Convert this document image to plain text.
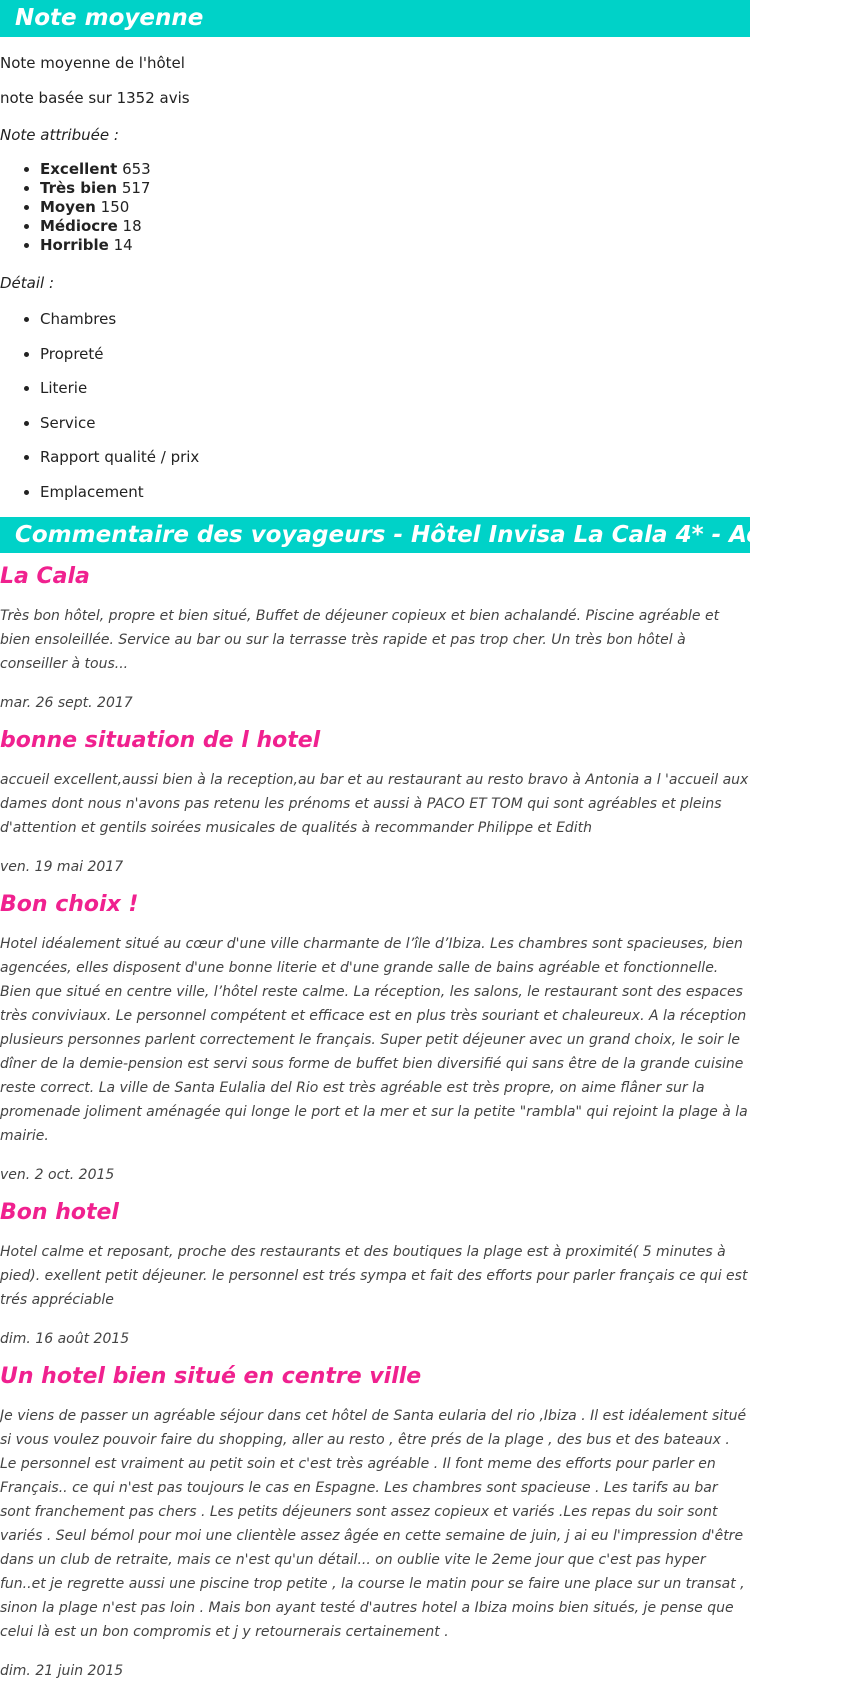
Note moyenne
Note moyenne de l'hôtel
note basée sur 1352 avis
Note attribuée :
• Excellent 653
• Très bien 517
• Moyen 150
• Médiocre 18
• Horrible 14
Détail :
• Chambres
• Propreté
• Literie
• Service
• Rapport qualité / prix
• Emplacement
Commentaire des voyageurs - Hôtel Invisa La Cala 4* - Adult Only
La Cala
Très bon hôtel, propre et bien situé, Buffet de déjeuner copieux et bien achalandé. Piscine agréable et bien ensoleillée. Service au bar ou sur la terrasse très rapide et pas trop cher. Un très bon hôtel à conseiller à tous...
mar. 26 sept. 2017
bonne situation de l hotel
accueil excellent,aussi bien à la reception,au bar et au restaurant au resto bravo à Antonia a l 'accueil aux dames dont nous n'avons pas retenu les prénoms et aussi à PACO ET TOM qui sont agréables et pleins d'attention et gentils soirées musicales de qualités à recommander Philippe et Edith
ven. 19 mai 2017
Bon choix !
Hotel idéalement situé au cœur d'une ville charmante de l’île d’Ibiza. Les chambres sont spacieuses, bien agencées, elles disposent d'une bonne literie et d'une grande salle de bains agréable et fonctionnelle. Bien que situé en centre ville, l’hôtel reste calme. La réception, les salons, le restaurant sont des espaces très conviviaux. Le personnel compétent et efficace est en plus très souriant et chaleureux. A la réception plusieurs personnes parlent correctement le français. Super petit déjeuner avec un grand choix, le soir le dîner de la demie-pension est servi sous forme de buffet bien diversifié qui sans être de la grande cuisine reste correct. La ville de Santa Eulalia del Rio est très agréable est très propre, on aime flâner sur la promenade joliment aménagée qui longe le port et la mer et sur la petite "rambla" qui rejoint la plage à la mairie.
ven. 2 oct. 2015
Bon hotel
Hotel calme et reposant, proche des restaurants et des boutiques la plage est à proximité( 5 minutes à pied). exellent petit déjeuner. le personnel est trés sympa et fait des efforts pour parler français ce qui est trés appréciable
dim. 16 août 2015
Un hotel bien situé en centre ville
Je viens de passer un agréable séjour dans cet hôtel de Santa eularia del rio ,Ibiza . Il est idéalement situé si vous voulez pouvoir faire du shopping, aller au resto , être prés de la plage , des bus et des bateaux . Le personnel est vraiment au petit soin et c'est très agréable . Il font meme des efforts pour parler en Français.. ce qui n'est pas toujours le cas en Espagne. Les chambres sont spacieuse . Les tarifs au bar sont franchement pas chers . Les petits déjeuners sont assez copieux et variés .Les repas du soir sont variés . Seul bémol pour moi une clientèle assez âgée en cette semaine de juin, j ai eu l'impression d'être dans un club de retraite, mais ce n'est qu'un détail... on oublie vite le 2eme jour que c'est pas hyper fun..et je regrette aussi une piscine trop petite , la course le matin pour se faire une place sur un transat , sinon la plage n'est pas loin . Mais bon ayant testé d'autres hotel a Ibiza moins bien situés, je pense que celui là est un bon compromis et j y retournerais certainement .
dim. 21 juin 2015
